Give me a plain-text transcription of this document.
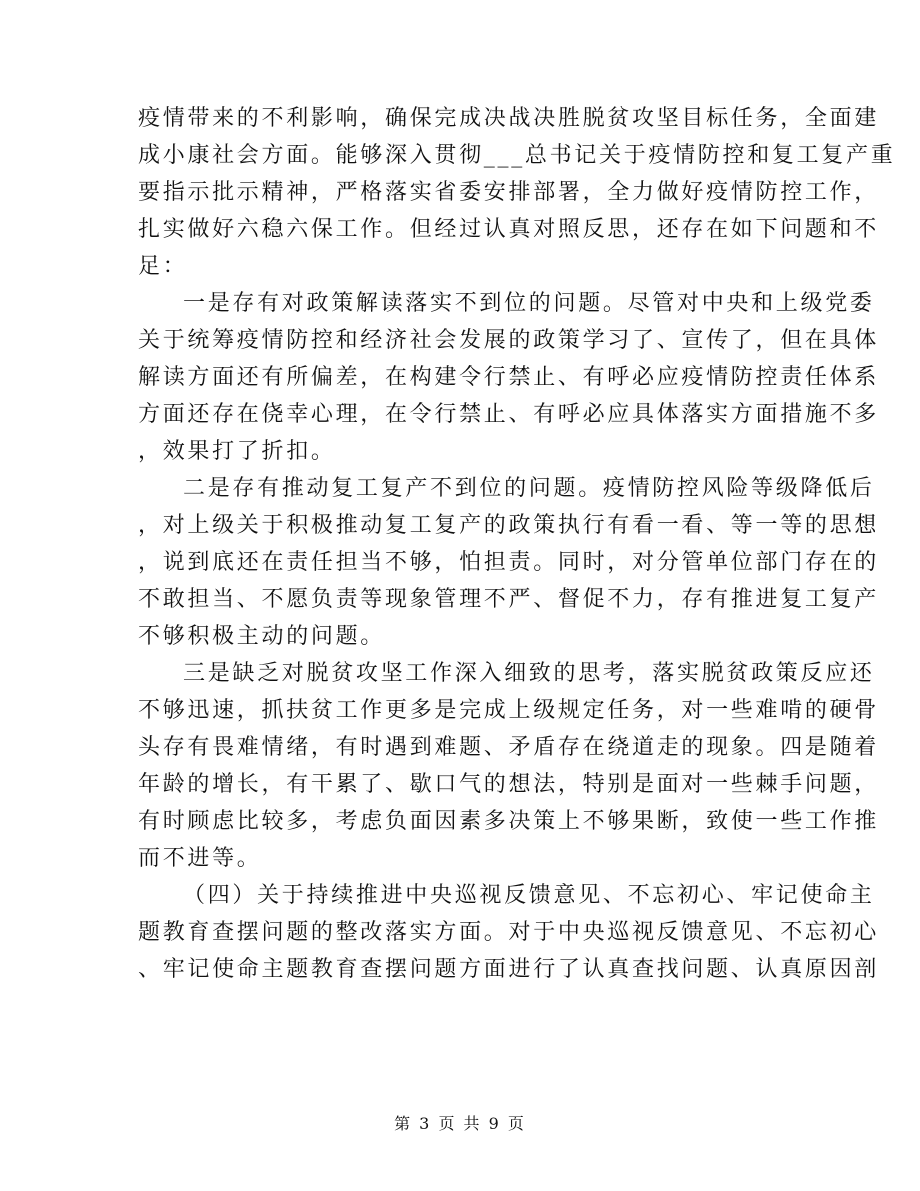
疫情带来的不利影响，确保完成决战决胜脱贫攻坚目标任务，全面建
成小康社会方面。能够深入贯彻___总书记关于疫情防控和复工复产重
要指示批示精神，严格落实省委安排部署，全力做好疫情防控工作，
扎实做好六稳六保工作。但经过认真对照反思，还存在如下问题和不
足：
一是存有对政策解读落实不到位的问题。尽管对中央和上级党委
关于统筹疫情防控和经济社会发展的政策学习了、宣传了，但在具体
解读方面还有所偏差，在构建令行禁止、有呼必应疫情防控责任体系
方面还存在侥幸心理，在令行禁止、有呼必应具体落实方面措施不多
，效果打了折扣。
二是存有推动复工复产不到位的问题。疫情防控风险等级降低后
，对上级关于积极推动复工复产的政策执行有看一看、等一等的思想
，说到底还在责任担当不够，怕担责。同时，对分管单位部门存在的
不敢担当、不愿负责等现象管理不严、督促不力，存有推进复工复产
不够积极主动的问题。
三是缺乏对脱贫攻坚工作深入细致的思考，落实脱贫政策反应还
不够迅速，抓扶贫工作更多是完成上级规定任务，对一些难啃的硬骨
头存有畏难情绪，有时遇到难题、矛盾存在绕道走的现象。四是随着
年龄的增长，有干累了、歇口气的想法，特别是面对一些棘手问题，
有时顾虑比较多，考虑负面因素多决策上不够果断，致使一些工作推
而不进等。
（四）关于持续推进中央巡视反馈意见、不忘初心、牢记使命主
题教育查摆问题的整改落实方面。对于中央巡视反馈意见、不忘初心
、牢记使命主题教育查摆问题方面进行了认真查找问题、认真原因剖
第 3 页 共 9 页
